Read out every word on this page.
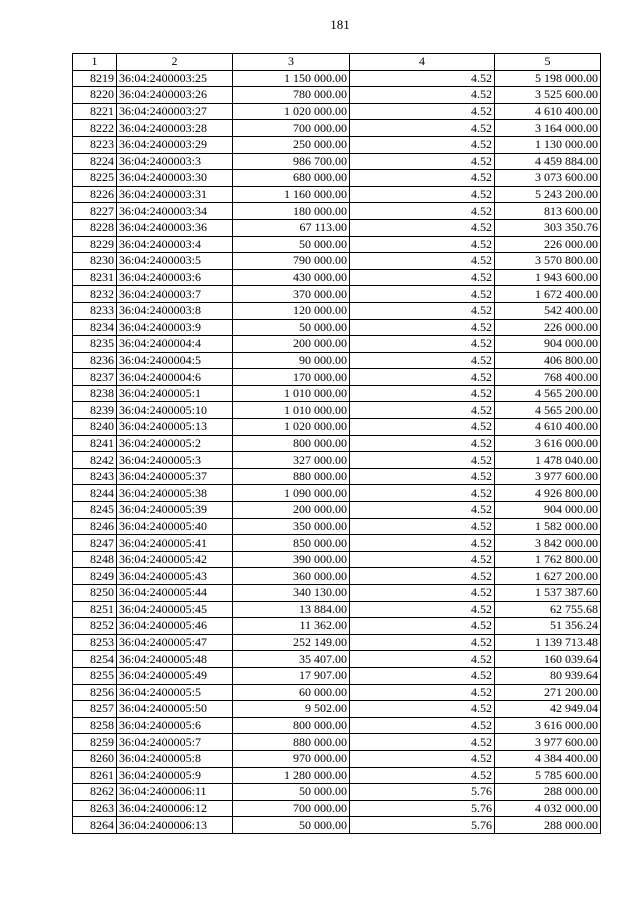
181
1	2	3	4	5
8219	36:04:2400003:25	1 150 000.00	4.52	5 198 000.00
8220	36:04:2400003:26	780 000.00	4.52	3 525 600.00
8221	36:04:2400003:27	1 020 000.00	4.52	4 610 400.00
8222	36:04:2400003:28	700 000.00	4.52	3 164 000.00
8223	36:04:2400003:29	250 000.00	4.52	1 130 000.00
8224	36:04:2400003:3	986 700.00	4.52	4 459 884.00
8225	36:04:2400003:30	680 000.00	4.52	3 073 600.00
8226	36:04:2400003:31	1 160 000.00	4.52	5 243 200.00
8227	36:04:2400003:34	180 000.00	4.52	813 600.00
8228	36:04:2400003:36	67 113.00	4.52	303 350.76
8229	36:04:2400003:4	50 000.00	4.52	226 000.00
8230	36:04:2400003:5	790 000.00	4.52	3 570 800.00
8231	36:04:2400003:6	430 000.00	4.52	1 943 600.00
8232	36:04:2400003:7	370 000.00	4.52	1 672 400.00
8233	36:04:2400003:8	120 000.00	4.52	542 400.00
8234	36:04:2400003:9	50 000.00	4.52	226 000.00
8235	36:04:2400004:4	200 000.00	4.52	904 000.00
8236	36:04:2400004:5	90 000.00	4.52	406 800.00
8237	36:04:2400004:6	170 000.00	4.52	768 400.00
8238	36:04:2400005:1	1 010 000.00	4.52	4 565 200.00
8239	36:04:2400005:10	1 010 000.00	4.52	4 565 200.00
8240	36:04:2400005:13	1 020 000.00	4.52	4 610 400.00
8241	36:04:2400005:2	800 000.00	4.52	3 616 000.00
8242	36:04:2400005:3	327 000.00	4.52	1 478 040.00
8243	36:04:2400005:37	880 000.00	4.52	3 977 600.00
8244	36:04:2400005:38	1 090 000.00	4.52	4 926 800.00
8245	36:04:2400005:39	200 000.00	4.52	904 000.00
8246	36:04:2400005:40	350 000.00	4.52	1 582 000.00
8247	36:04:2400005:41	850 000.00	4.52	3 842 000.00
8248	36:04:2400005:42	390 000.00	4.52	1 762 800.00
8249	36:04:2400005:43	360 000.00	4.52	1 627 200.00
8250	36:04:2400005:44	340 130.00	4.52	1 537 387.60
8251	36:04:2400005:45	13 884.00	4.52	62 755.68
8252	36:04:2400005:46	11 362.00	4.52	51 356.24
8253	36:04:2400005:47	252 149.00	4.52	1 139 713.48
8254	36:04:2400005:48	35 407.00	4.52	160 039.64
8255	36:04:2400005:49	17 907.00	4.52	80 939.64
8256	36:04:2400005:5	60 000.00	4.52	271 200.00
8257	36:04:2400005:50	9 502.00	4.52	42 949.04
8258	36:04:2400005:6	800 000.00	4.52	3 616 000.00
8259	36:04:2400005:7	880 000.00	4.52	3 977 600.00
8260	36:04:2400005:8	970 000.00	4.52	4 384 400.00
8261	36:04:2400005:9	1 280 000.00	4.52	5 785 600.00
8262	36:04:2400006:11	50 000.00	5.76	288 000.00
8263	36:04:2400006:12	700 000.00	5.76	4 032 000.00
8264	36:04:2400006:13	50 000.00	5.76	288 000.00
